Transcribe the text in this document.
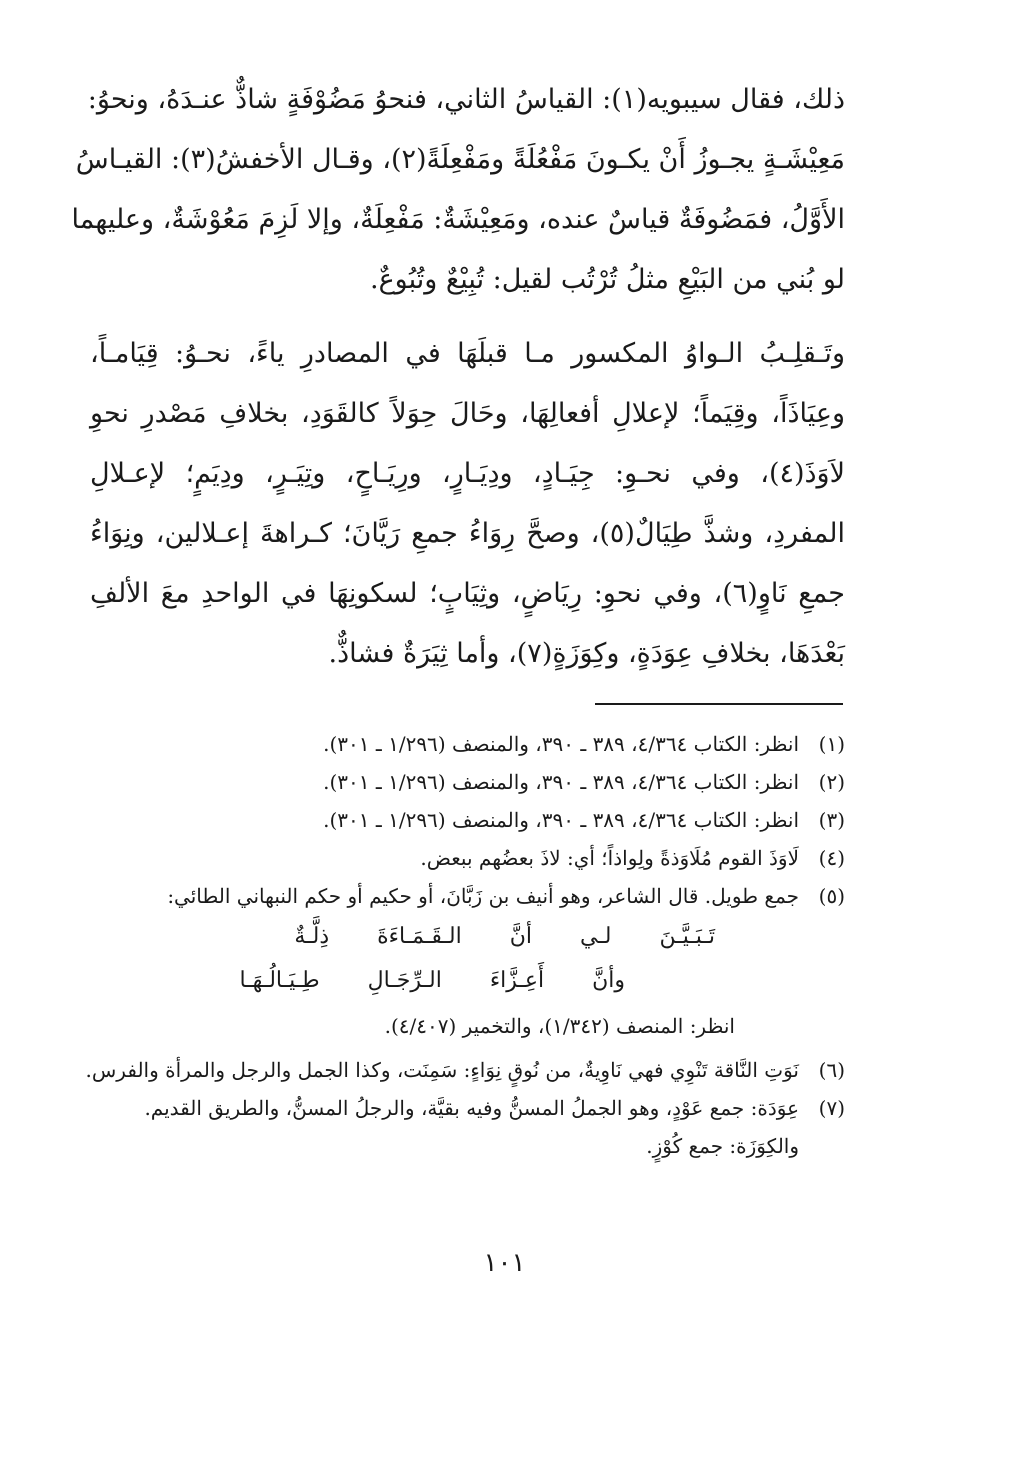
ذلك، فقال سيبويه(١): القياسُ الثاني، فنحوُ مَضُوْفَةٍ شاذٌّ عنـدَهُ، ونحوُ:
مَعِيْشَـةٍ يجـوزُ أَنْ يكـونَ مَفْعُلَةً ومَفْعِلَةً(٢)، وقـال الأخفشُ(٣): القيـاسُ
الأَوَّلُ، فمَضُوفَةٌ قياسٌ عنده، ومَعِيْشَةٌ: مَفْعِلَةٌ، وإلا لَزِمَ مَعُوْشَةٌ، وعليهما
لو بُني من البَيْعِ مثلُ تُرْتُب لقيل: تُبِيْعٌ وتُبُوعٌ.

وتَـقلِـبُ الـواوُ المكسور مـا قبلَهَا في المصادرِ ياءً، نحـوُ: قِيَامـاً،
وعِيَاذَاً، وقِيَماً؛ لإعلالِ أفعالِهَا، وحَالَ حِوَلاً كالقَوَدِ، بخلافِ مَصْدرِ نحوِ
لاَوَذَ(٤)، وفي نحـوِ: جِيَـادٍ، ودِيَـارٍ، ورِيَـاحٍ، وتِيَـرٍ، ودِيَمٍ؛ لإعـلالِ
المفردِ، وشذَّ طِيَالٌ(٥)، وصحَّ رِوَاءُ جمعِ رَيَّانَ؛ كـراهةَ إعـلالين، ونِوَاءُ
جمعِ نَاوٍ(٦)، وفي نحوِ: رِيَاضٍ، وثِيَابٍ؛ لسكونِهَا في الواحدِ معَ الألفِ
بَعْدَهَا، بخلافِ عِوَدَةٍ، وكِوَزَةٍ(٧)، وأما ثِيَرَةٌ فشاذٌّ.

(١)
انظر: الكتاب ٤/٣٦٤، ٣٨٩ ـ ٣٩٠، والمنصف (١/٢٩٦ ـ ٣٠١).
(٢)
انظر: الكتاب ٤/٣٦٤، ٣٨٩ ـ ٣٩٠، والمنصف (١/٢٩٦ ـ ٣٠١).
(٣)
انظر: الكتاب ٤/٣٦٤، ٣٨٩ ـ ٣٩٠، والمنصف (١/٢٩٦ ـ ٣٠١).
(٤)
لَاوَذَ القوم مُلَاوَذةً ولِواذاً؛ أي: لاذَ بعضُهم ببعض.
(٥)
جمع طويل. قال الشاعر، وهو أنيف بن زَبَّانَ، أو حكيم أو حكم النبهاني الطائي:
تَـبَـيَّـنَ
لـي
أنَّ
الـقَـمَـاءَةَ
ذِلَّـةٌ
وأنَّ
أَعِـزَّاءَ
الـرِّجَـالِ
طِـيَـالُـهَـا
انظر: المنصف (١/٣٤٢)، والتخمير (٤/٤٠٧).
(٦)
نَوَتِ النَّاقة تَنْوِي فهي نَاوِيةٌ، من نُوقٍ نِوَاءٍ: سَمِنَت، وكذا الجمل والرجل والمرأة والفرس.
(٧)
عِوَدَة: جمع عَوْدٍ، وهو الجملُ المسنُّ وفيه بقيَّة، والرجلُ المسنُّ، والطريق القديم.
والكِوَزَة: جمع كُوْزٍ.
١٠١
